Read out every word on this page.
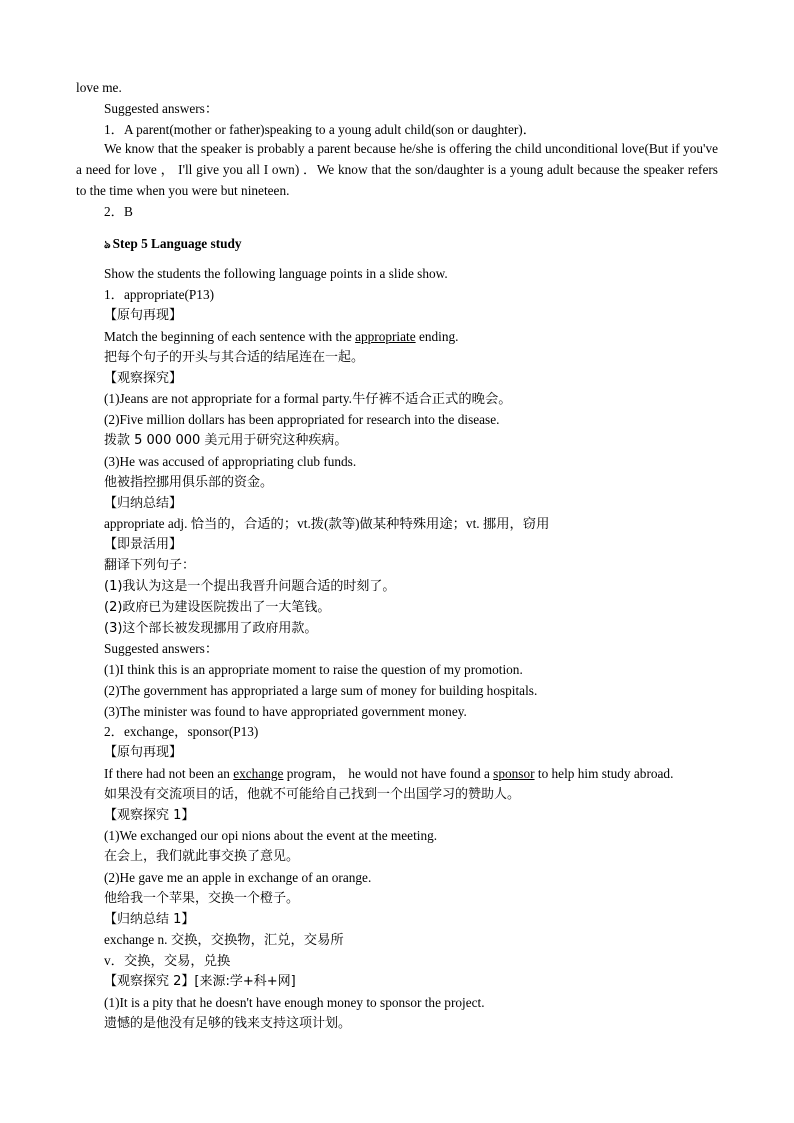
love me.
Suggested answers：
1．A parent(mother or father)speaking to a young adult child(son or daughter)．
We know that the speaker is probably a parent because he/she is offering the child unconditional love(But if you've a need for love ， I'll give you all I own) ．We know that the son/daughter is a young adult because the speaker refers to the time when you were but nineteen.
2．B
ঌ Step 5 Language study
Show the students the following language points in a slide show.
1．appropriate(P13)
【原句再现】
Match the beginning of each sentence with the appropriate ending.
把每个句子的开头与其合适的结尾连在一起。
【观察探究】
(1)Jeans are not appropriate for a formal party.牛仔裤不适合正式的晚会。
(2)Five million dollars has been appropriated for research into the disease.
拨款 5 000 000 美元用于研究这种疾病。
(3)He was accused of appropriating club funds.
他被指控挪用俱乐部的资金。
【归纳总结】
appropriate adj. 恰当的，合适的；vt.拨(款等)做某种特殊用途；vt. 挪用，窃用
【即景活用】
翻译下列句子：
(1)我认为这是一个提出我晋升问题合适的时刻了。
(2)政府已为建设医院拨出了一大笔钱。
(3)这个部长被发现挪用了政府用款。
Suggested answers：
(1)I think this is an appropriate moment to raise the question of my promotion.
(2)The government has appropriated a large sum of money for building hospitals.
(3)The minister was found to have appropriated government money.
2．exchange，sponsor(P13)
【原句再现】
If there had not been an exchange program， he would not have found a sponsor to help him study abroad.
如果没有交流项目的话，他就不可能给自己找到一个出国学习的赞助人。
【观察探究 1】
(1)We exchanged our opi nions about the event at the meeting.
在会上，我们就此事交换了意见。
(2)He gave me an apple in exchange of an orange.
他给我一个苹果，交换一个橙子。
【归纳总结 1】
exchange n. 交换，交换物，汇兑，交易所
v．交换，交易，兑换
【观察探究 2】[来源:学+科+网]
(1)It is a pity that he doesn't have enough money to sponsor the project.
遗憾的是他没有足够的钱来支持这项计划。
